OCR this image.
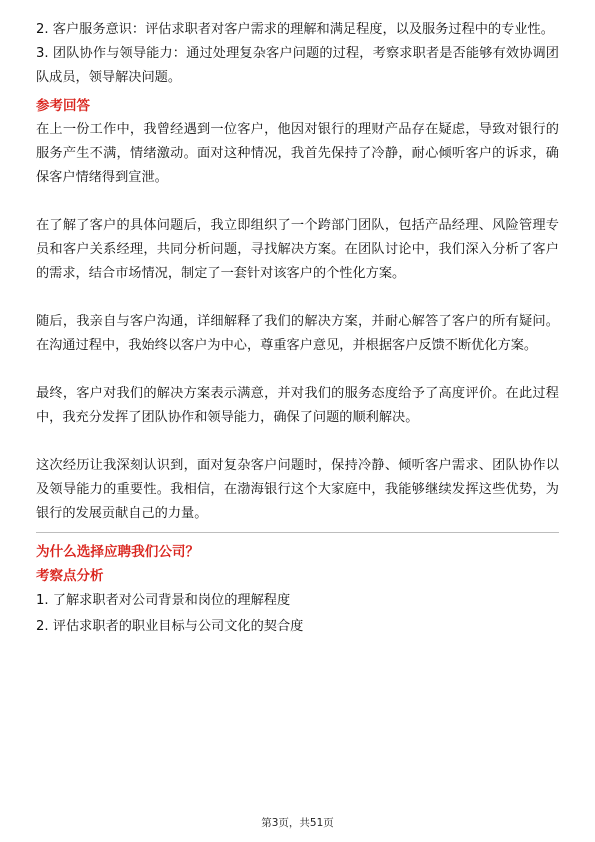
2. 客户服务意识：评估求职者对客户需求的理解和满足程度，以及服务过程中的专业性。

3. 团队协作与领导能力：通过处理复杂客户问题的过程，考察求职者是否能够有效协调团队成员，领导解决问题。

参考回答

在上一份工作中，我曾经遇到一位客户，他因对银行的理财产品存在疑虑，导致对银行的服务产生不满，情绪激动。面对这种情况，我首先保持了冷静，耐心倾听客户的诉求，确保客户情绪得到宣泄。

在了解了客户的具体问题后，我立即组织了一个跨部门团队，包括产品经理、风险管理专员和客户关系经理，共同分析问题，寻找解决方案。在团队讨论中，我们深入分析了客户的需求，结合市场情况，制定了一套针对该客户的个性化方案。

随后，我亲自与客户沟通，详细解释了我们的解决方案，并耐心解答了客户的所有疑问。在沟通过程中，我始终以客户为中心，尊重客户意见，并根据客户反馈不断优化方案。

最终，客户对我们的解决方案表示满意，并对我们的服务态度给予了高度评价。在此过程中，我充分发挥了团队协作和领导能力，确保了问题的顺利解决。

这次经历让我深刻认识到，面对复杂客户问题时，保持冷静、倾听客户需求、团队协作以及领导能力的重要性。我相信，在渤海银行这个大家庭中，我能够继续发挥这些优势，为银行的发展贡献自己的力量。

为什么选择应聘我们公司？

考察点分析

1. 了解求职者对公司背景和岗位的理解程度

2. 评估求职者的职业目标与公司文化的契合度

第3页，共51页
